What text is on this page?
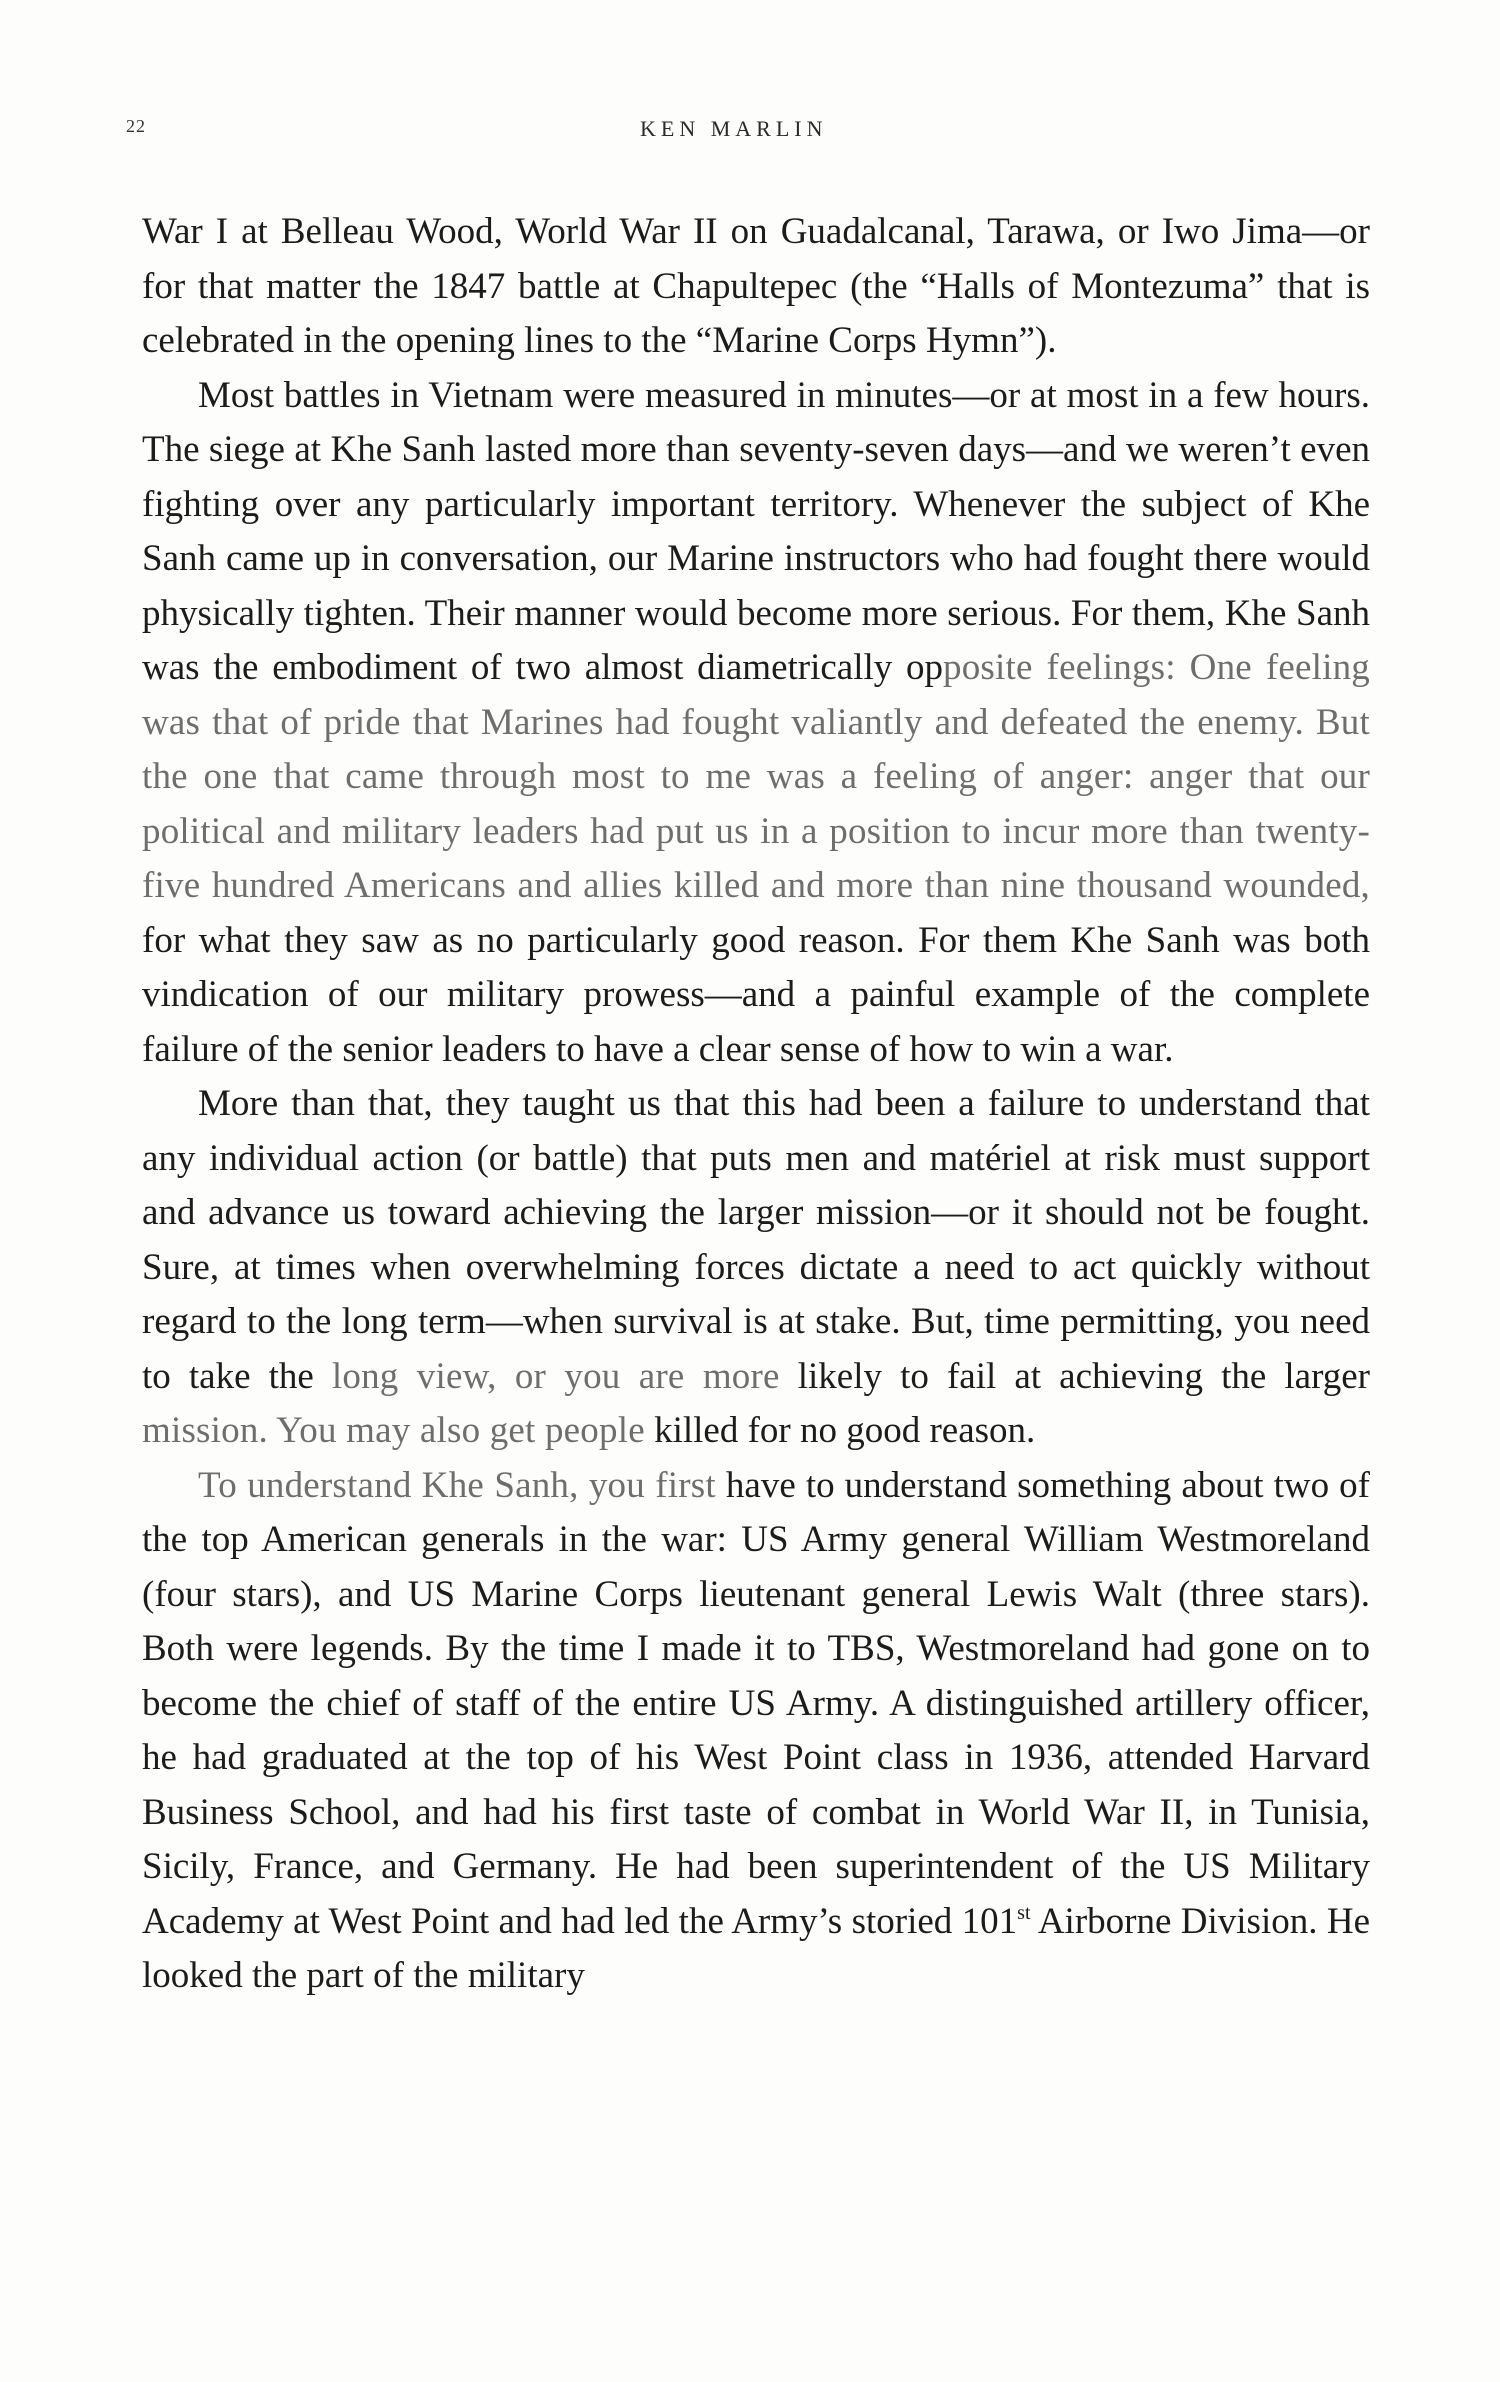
22	KEN MARLIN

War I at Belleau Wood, World War II on Guadalcanal, Tarawa, or Iwo Jima—or for that matter the 1847 battle at Chapultepec (the “Halls of Montezuma” that is celebrated in the opening lines to the “Marine Corps Hymn”).

Most battles in Vietnam were measured in minutes—or at most in a few hours. The siege at Khe Sanh lasted more than seventy-seven days—and we weren’t even fighting over any particularly important territory. Whenever the subject of Khe Sanh came up in conversation, our Marine instructors who had fought there would physically tighten. Their manner would become more serious. For them, Khe Sanh was the embodiment of two almost diametrically opposite feelings: One feeling was that of pride that Marines had fought valiantly and defeated the enemy. But the one that came through most to me was a feeling of anger: anger that our political and military leaders had put us in a position to incur more than twenty-five hundred Americans and allies killed and more than nine thousand wounded, for what they saw as no particularly good reason. For them Khe Sanh was both vindication of our military prowess—and a painful example of the complete failure of the senior leaders to have a clear sense of how to win a war.

More than that, they taught us that this had been a failure to understand that any individual action (or battle) that puts men and matériel at risk must support and advance us toward achieving the larger mission—or it should not be fought. Sure, at times when overwhelming forces dictate a need to act quickly without regard to the long term—when survival is at stake. But, time permitting, you need to take the long view, or you are more likely to fail at achieving the larger mission. You may also get people killed for no good reason.

To understand Khe Sanh, you first have to understand something about two of the top American generals in the war: US Army general William Westmoreland (four stars), and US Marine Corps lieutenant general Lewis Walt (three stars). Both were legends. By the time I made it to TBS, Westmoreland had gone on to become the chief of staff of the entire US Army. A distinguished artillery officer, he had graduated at the top of his West Point class in 1936, attended Harvard Business School, and had his first taste of combat in World War II, in Tunisia, Sicily, France, and Germany. He had been superintendent of the US Military Academy at West Point and had led the Army’s storied 101st Airborne Division. He looked the part of the military
